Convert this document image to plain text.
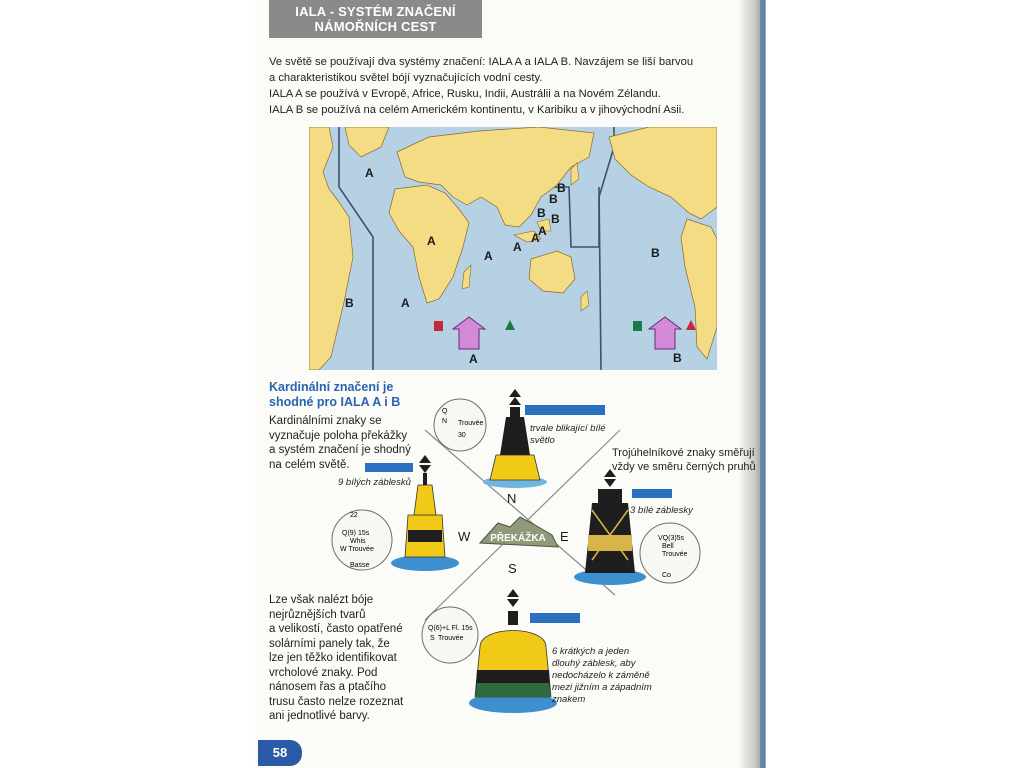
IALA - SYSTÉM ZNAČENÍ
NÁMOŘNÍCH CEST
Ve světě se používají dva systémy značení: IALA A a IALA B. Navzájem se liší barvou
a charakteristikou světel bójí vyznačujících vodní cesty.
IALA A se používá v Evropě, Africe, Rusku, Indii, Austrálii a na Novém Zélandu.
IALA B se používá na celém Americkém kontinentu, v Karibiku a v jihovýchodní Asii.
A
A
A
B
B
B
B
A
B
A
A
A
B
A
B
Kardinální značení je
shodné pro IALA A i B
Kardinálními znaky se
vyznačuje poloha překážky
a systém značení je shodný
na celém světě.
Lze však nalézt bóje
nejrůznějších tvarů
a velikostí, často opatřené
solárními panely tak, že
lze jen těžko identifikovat
vrcholové znaky. Pod
nánosem řas a ptačího
trusu často nelze rozeznat
ani jednotlivé barvy.
Trojúhelníkové znaky směřují
vždy ve směru černých pruhů
PŘEKÁŽKA
N
E
S
W
Q
N Trouvée
30
22
Q(9) 15s
Whis
W Trouvée
Basse
VQ(3)5s
Bell
Trouvée
Co
Q(6)+L Fl. 15s
S Trouvée
trvale blikající bílé
světlo
9 bílých záblesků
3 bílé záblesky
6 krátkých a jeden
dlouhý záblesk, aby
nedocházelo k záměně
mezi jižním a západním
znakem
58
